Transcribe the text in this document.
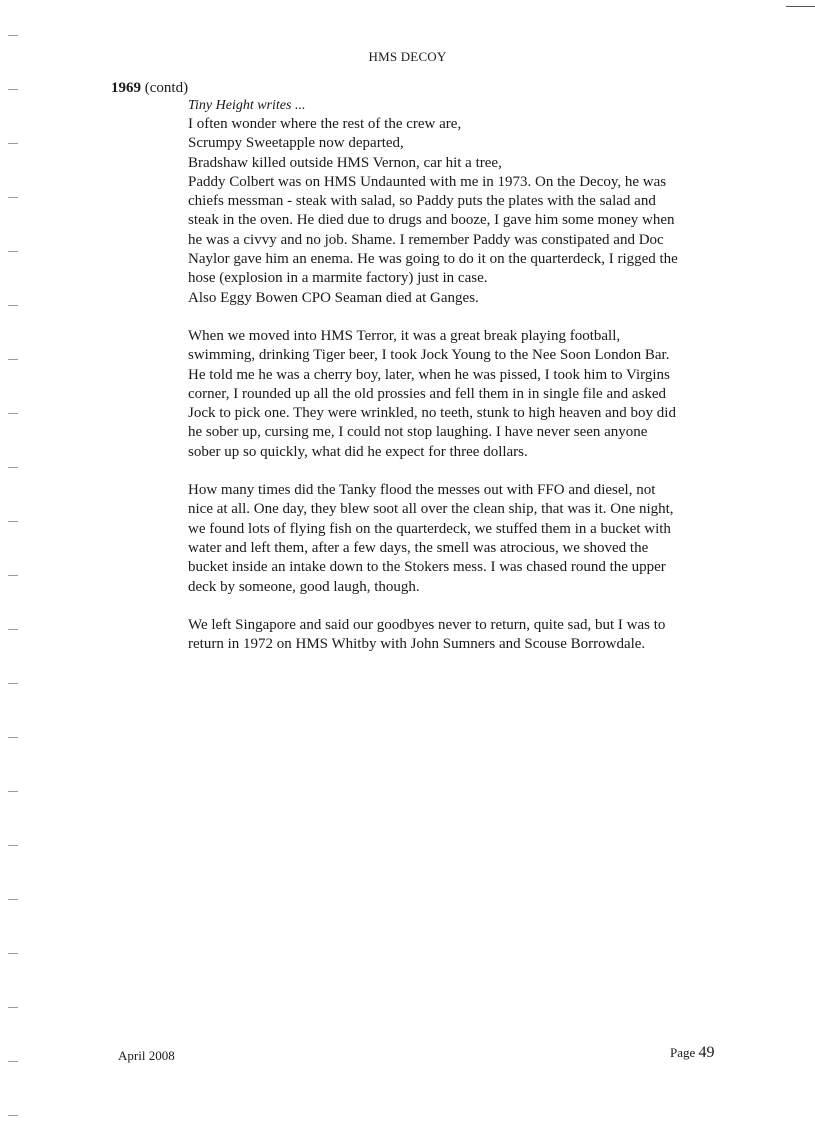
HMS DECOY
1969 (contd)
Tiny Height writes ...
I often wonder where the rest of the crew are,
Scrumpy Sweetapple now departed,
Bradshaw killed outside HMS Vernon, car hit a tree,
Paddy Colbert was on HMS Undaunted with me in 1973. On the Decoy, he was
chiefs messman - steak with salad, so Paddy puts the plates with the salad and
steak in the oven. He died due to drugs and booze, I gave him some money when
he was a civvy and no job. Shame. I remember Paddy was constipated and Doc
Naylor gave him an enema. He was going to do it on the quarterdeck, I rigged the
hose (explosion in a marmite factory) just in case.
Also Eggy Bowen CPO Seaman died at Ganges.
When we moved into HMS Terror, it was a great break playing football,
swimming, drinking Tiger beer, I took Jock Young to the Nee Soon London Bar.
He told me he was a cherry boy, later, when he was pissed, I took him to Virgins
corner, I rounded up all the old prossies and fell them in in single file and asked
Jock to pick one. They were wrinkled, no teeth, stunk to high heaven and boy did
he sober up, cursing me, I could not stop laughing. I have never seen anyone
sober up so quickly, what did he expect for three dollars.
How many times did the Tanky flood the messes out with FFO and diesel, not
nice at all. One day, they blew soot all over the clean ship, that was it. One night,
we found lots of flying fish on the quarterdeck, we stuffed them in a bucket with
water and left them, after a few days, the smell was atrocious, we shoved the
bucket inside an intake down to the Stokers mess. I was chased round the upper
deck by someone, good laugh, though.
We left Singapore and said our goodbyes never to return, quite sad, but I was to
return in 1972 on HMS Whitby with John Sumners and Scouse Borrowdale.
April 2008	Page 49
